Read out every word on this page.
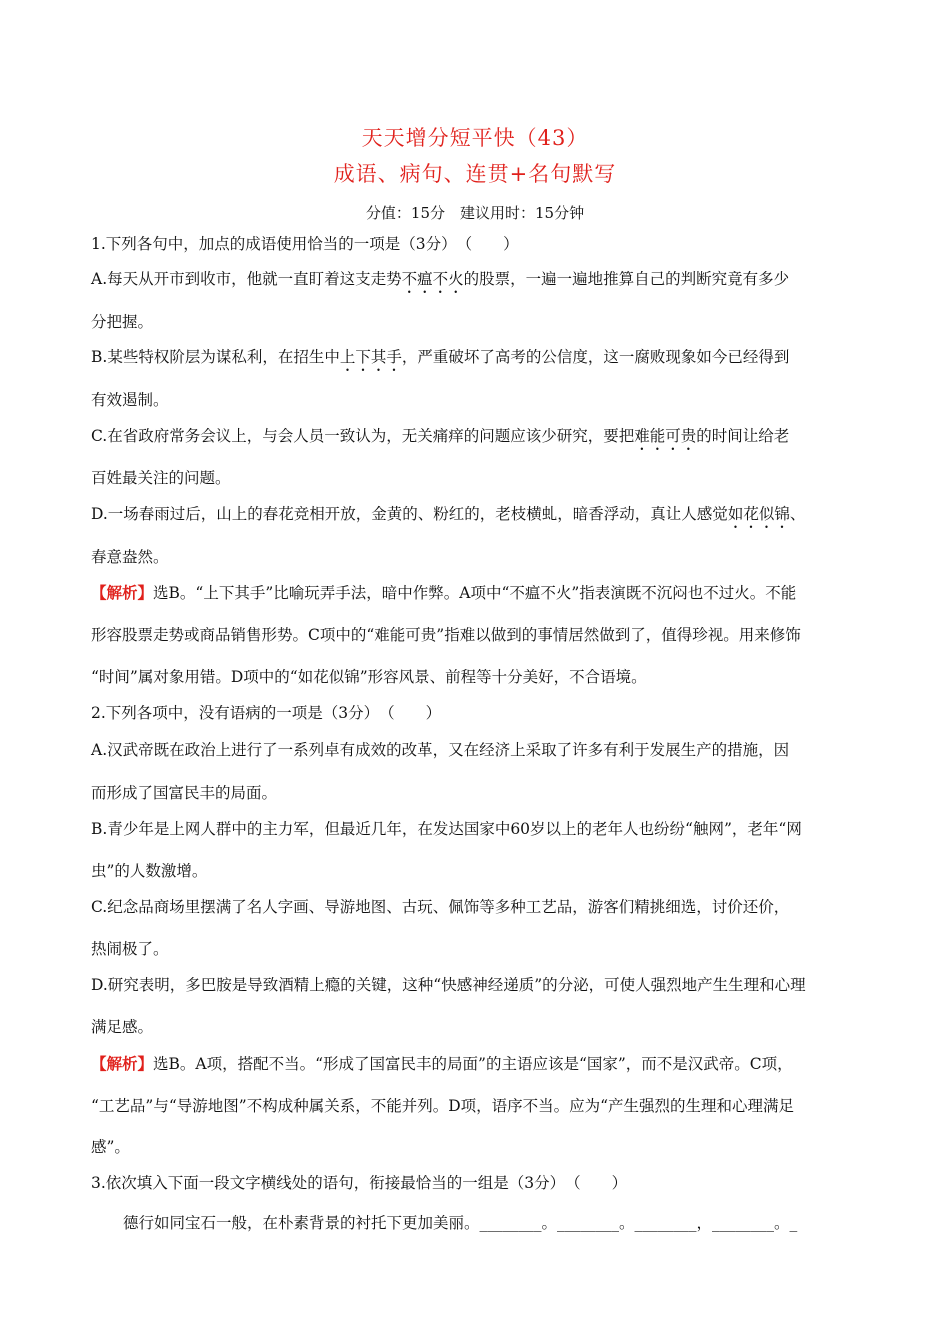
天天增分短平快（43）
成语、病句、连贯+名句默写
分值：15分　建议用时：15分钟
1.下列各句中，加点的成语使用恰当的一项是（3分）　（　　）
A.每天从开市到收市，他就一直盯着这支走势不瘟不火的股票，一遍一遍地推算自己的判断究竟有多少
分把握。
B.某些特权阶层为谋私利，在招生中上下其手，严重破坏了高考的公信度，这一腐败现象如今已经得到
有效遏制。
C.在省政府常务会议上，与会人员一致认为，无关痛痒的问题应该少研究，要把难能可贵的时间让给老
百姓最关注的问题。
D.一场春雨过后，山上的春花竞相开放，金黄的、粉红的，老枝横虬，暗香浮动，真让人感觉如花似锦、
春意盎然。
【解析】选B。“上下其手”比喻玩弄手法，暗中作弊。A项中“不瘟不火”指表演既不沉闷也不过火。不能
形容股票走势或商品销售形势。C项中的“难能可贵”指难以做到的事情居然做到了，值得珍视。用来修饰
“时间”属对象用错。D项中的“如花似锦”形容风景、前程等十分美好，不合语境。
2.下列各项中，没有语病的一项是（3分）　（　　）
A.汉武帝既在政治上进行了一系列卓有成效的改革，又在经济上采取了许多有利于发展生产的措施，因
而形成了国富民丰的局面。
B.青少年是上网人群中的主力军，但最近几年，在发达国家中60岁以上的老年人也纷纷“触网”，老年“网
虫”的人数激增。
C.纪念品商场里摆满了名人字画、导游地图、古玩、佩饰等多种工艺品，游客们精挑细选，讨价还价，
热闹极了。
D.研究表明，多巴胺是导致酒精上瘾的关键，这种“快感神经递质”的分泌，可使人强烈地产生生理和心理
满足感。
【解析】选B。A项，搭配不当。“形成了国富民丰的局面”的主语应该是“国家”，而不是汉武帝。C项，
“工艺品”与“导游地图”不构成种属关系，不能并列。D项，语序不当。应为“产生强烈的生理和心理满足
感”。
3.依次填入下面一段文字横线处的语句，衔接最恰当的一组是（3分）　（　　）
德行如同宝石一般，在朴素背景的衬托下更加美丽。________。________。________，________。_
